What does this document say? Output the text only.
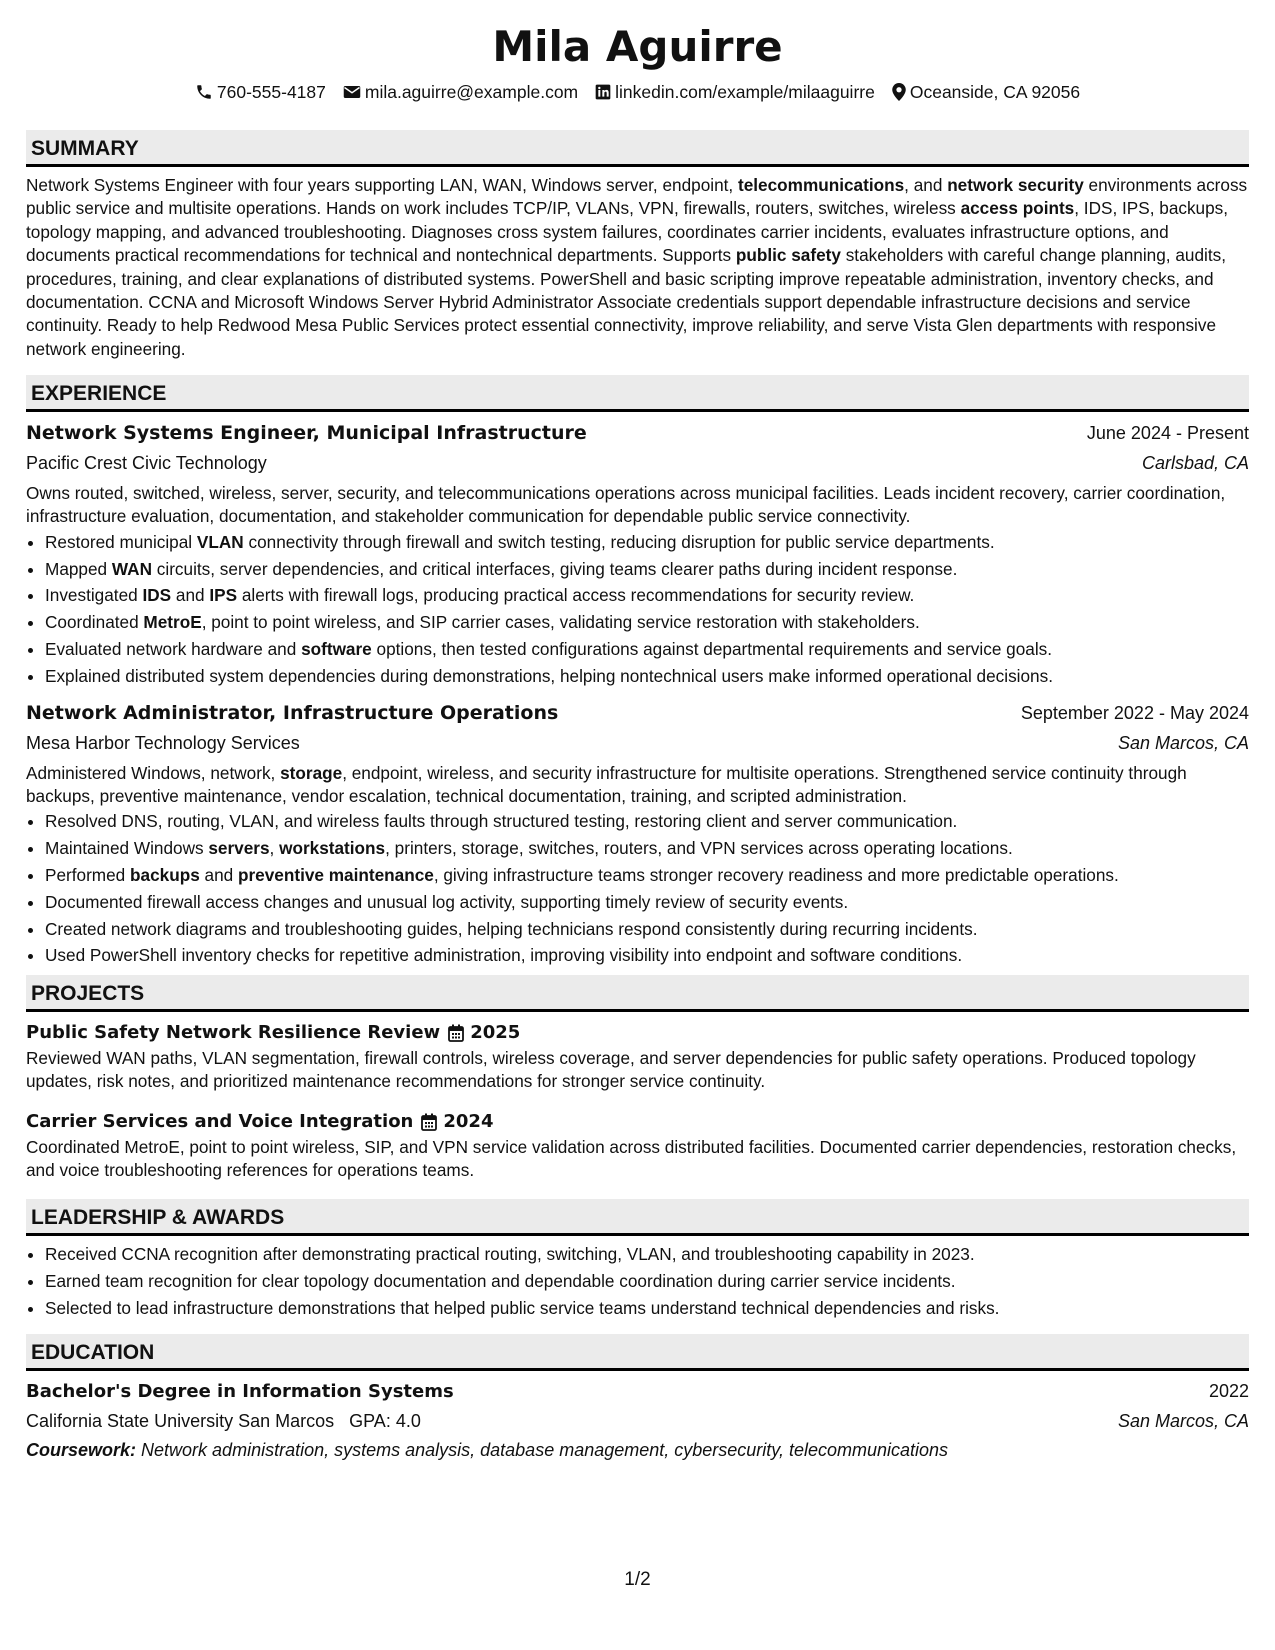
Mila Aguirre
760-555-4187 mila.aguirre@example.com linkedin.com/example/milaaguirre Oceanside, CA 92056
SUMMARY

Network Systems Engineer with four years supporting LAN, WAN, Windows server, endpoint, telecommunications, and network security environments across public service and multisite operations. Hands on work includes TCP/IP, VLANs, VPN, firewalls, routers, switches, wireless access points, IDS, IPS, backups, topology mapping, and advanced troubleshooting. Diagnoses cross system failures, coordinates carrier incidents, evaluates infrastructure options, and documents practical recommendations for technical and nontechnical departments. Supports public safety stakeholders with careful change planning, audits, procedures, training, and clear explanations of distributed systems. PowerShell and basic scripting improve repeatable administration, inventory checks, and documentation. CCNA and Microsoft Windows Server Hybrid Administrator Associate credentials support dependable infrastructure decisions and service continuity. Ready to help Redwood Mesa Public Services protect essential connectivity, improve reliability, and serve Vista Glen departments with responsive network engineering.

EXPERIENCE
Network Systems Engineer, Municipal Infrastructure	June 2024 - Present
Pacific Crest Civic Technology	Carlsbad, CA

Owns routed, switched, wireless, server, security, and telecommunications operations across municipal facilities. Leads incident recovery, carrier coordination, infrastructure evaluation, documentation, and stakeholder communication for dependable public service connectivity.

• Restored municipal VLAN connectivity through firewall and switch testing, reducing disruption for public service departments.
• Mapped WAN circuits, server dependencies, and critical interfaces, giving teams clearer paths during incident response.
• Investigated IDS and IPS alerts with firewall logs, producing practical access recommendations for security review.
• Coordinated MetroE, point to point wireless, and SIP carrier cases, validating service restoration with stakeholders.
• Evaluated network hardware and software options, then tested configurations against departmental requirements and service goals.
• Explained distributed system dependencies during demonstrations, helping nontechnical users make informed operational decisions.
Network Administrator, Infrastructure Operations	September 2022 - May 2024
Mesa Harbor Technology Services	San Marcos, CA

Administered Windows, network, storage, endpoint, wireless, and security infrastructure for multisite operations. Strengthened service continuity through backups, preventive maintenance, vendor escalation, technical documentation, training, and scripted administration.

• Resolved DNS, routing, VLAN, and wireless faults through structured testing, restoring client and server communication.
• Maintained Windows servers, workstations, printers, storage, switches, routers, and VPN services across operating locations.
• Performed backups and preventive maintenance, giving infrastructure teams stronger recovery readiness and more predictable operations.
• Documented firewall access changes and unusual log activity, supporting timely review of security events.
• Created network diagrams and troubleshooting guides, helping technicians respond consistently during recurring incidents.
• Used PowerShell inventory checks for repetitive administration, improving visibility into endpoint and software conditions.
PROJECTS
Public Safety Network Resilience Review 2025

Reviewed WAN paths, VLAN segmentation, firewall controls, wireless coverage, and server dependencies for public safety operations. Produced topology updates, risk notes, and prioritized maintenance recommendations for stronger service continuity.

Carrier Services and Voice Integration 2024

Coordinated MetroE, point to point wireless, SIP, and VPN service validation across distributed facilities. Documented carrier dependencies, restoration checks, and voice troubleshooting references for operations teams.

LEADERSHIP & AWARDS
• Received CCNA recognition after demonstrating practical routing, switching, VLAN, and troubleshooting capability in 2023.
• Earned team recognition for clear topology documentation and dependable coordination during carrier service incidents.
• Selected to lead infrastructure demonstrations that helped public service teams understand technical dependencies and risks.
EDUCATION
Bachelor's Degree in Information Systems	2022
California State University San Marcos GPA: 4.0	San Marcos, CA
Coursework: Network administration, systems analysis, database management, cybersecurity, telecommunications
1/2
